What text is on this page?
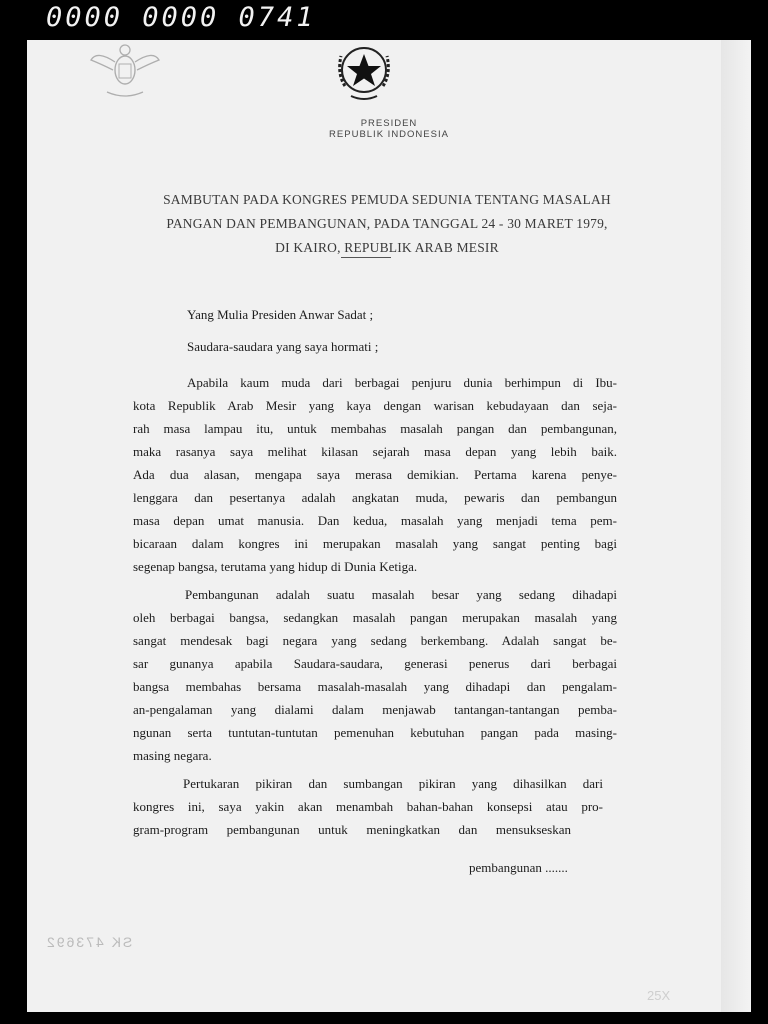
0000 0000 0741
PRESIDEN
REPUBLIK INDONESIA
SAMBUTAN PADA KONGRES PEMUDA SEDUNIA TENTANG MASALAH
PANGAN DAN PEMBANGUNAN, PADA TANGGAL 24 - 30 MARET 1979,
DI KAIRO, REPUBLIK ARAB MESIR
Yang Mulia Presiden Anwar Sadat ;
Saudara-saudara yang saya hormati ;
Apabila kaum muda dari berbagai penjuru dunia berhimpun di Ibu-
kota Republik Arab Mesir yang kaya dengan warisan kebudayaan dan seja-
rah masa lampau itu, untuk membahas masalah pangan dan pembangunan,
maka rasanya saya melihat kilasan sejarah masa depan yang lebih baik.
Ada dua alasan, mengapa saya merasa demikian. Pertama karena penye-
lenggara dan pesertanya adalah angkatan muda, pewaris dan pembangun
masa depan umat manusia. Dan kedua, masalah yang menjadi tema pem-
bicaraan dalam kongres ini merupakan masalah yang sangat penting bagi
segenap bangsa, terutama yang hidup di Dunia Ketiga.
Pembangunan adalah suatu masalah besar yang sedang dihadapi
oleh berbagai bangsa, sedangkan masalah pangan merupakan masalah yang
sangat mendesak bagi negara yang sedang berkembang. Adalah sangat be-
sar gunanya apabila Saudara-saudara, generasi penerus dari berbagai
bangsa membahas bersama masalah-masalah yang dihadapi dan pengalam-
an-pengalaman yang dialami dalam menjawab tantangan-tantangan pemba-
ngunan serta tuntutan-tuntutan pemenuhan kebutuhan pangan pada masing-
masing negara.
Pertukaran pikiran dan sumbangan pikiran yang dihasilkan dari
kongres ini, saya yakin akan menambah bahan-bahan konsepsi atau pro-
gram-program pembangunan untuk meningkatkan dan mensukseskan
pembangunan .......
SK 473692
25X
